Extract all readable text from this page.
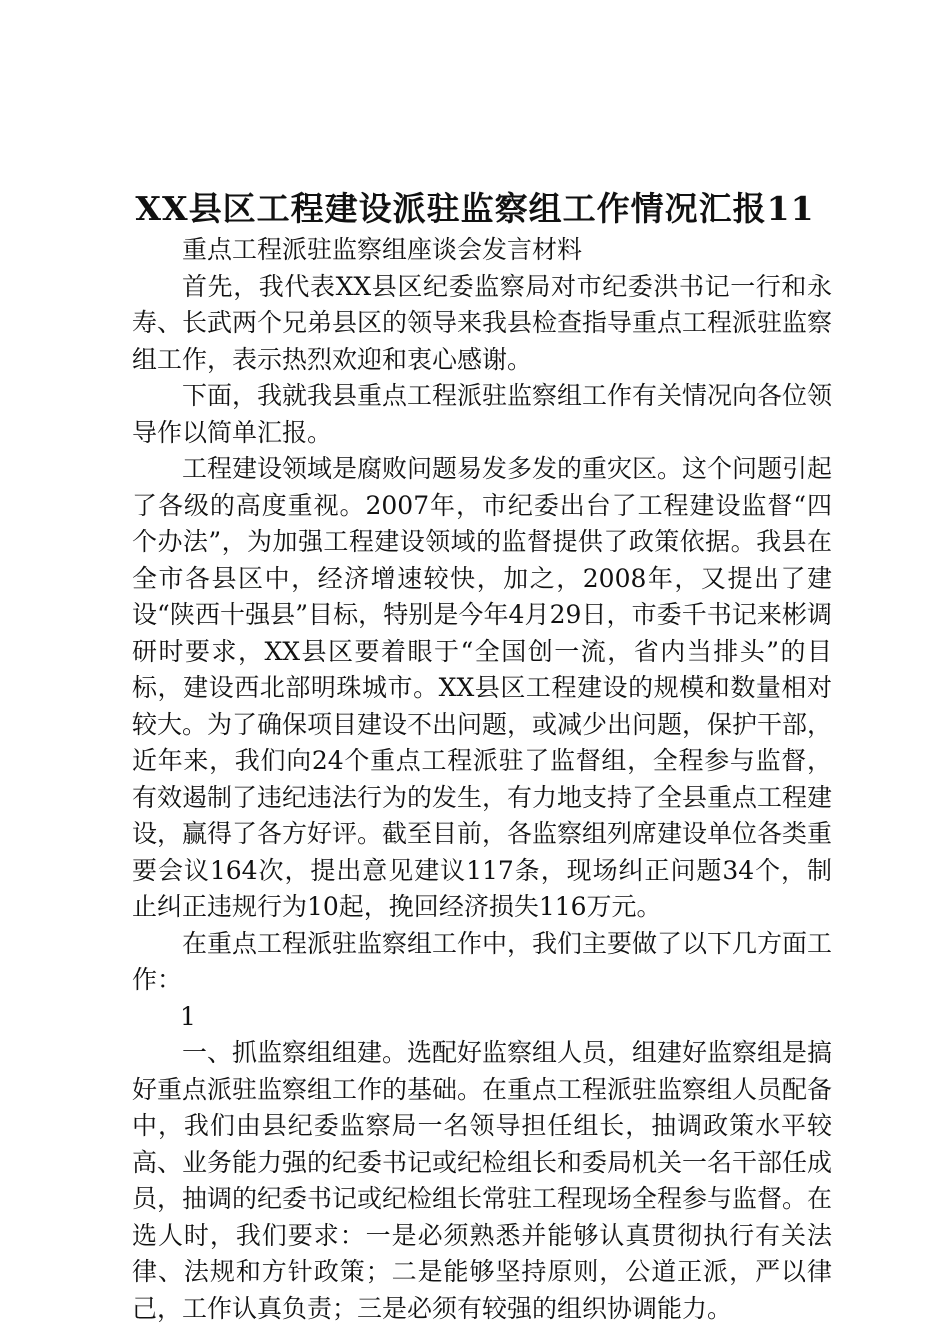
XX县区工程建设派驻监察组工作情况汇报11

重点工程派驻监察组座谈会发言材料

首先，我代表XX县区纪委监察局对市纪委洪书记一行和永寿、长武两个兄弟县区的领导来我县检查指导重点工程派驻监察组工作，表示热烈欢迎和衷心感谢。

下面，我就我县重点工程派驻监察组工作有关情况向各位领导作以简单汇报。

工程建设领域是腐败问题易发多发的重灾区。这个问题引起了各级的高度重视。2007年，市纪委出台了工程建设监督“四个办法”，为加强工程建设领域的监督提供了政策依据。我县在全市各县区中，经济增速较快，加之，2008年，又提出了建设“陕西十强县”目标，特别是今年4月29日，市委千书记来彬调研时要求，XX县区要着眼于“全国创一流，省内当排头”的目标，建设西北部明珠城市。XX县区工程建设的规模和数量相对较大。为了确保项目建设不出问题，或减少出问题，保护干部，近年来，我们向24个重点工程派驻了监督组，全程参与监督，有效遏制了违纪违法行为的发生，有力地支持了全县重点工程建设，赢得了各方好评。截至目前，各监察组列席建设单位各类重要会议164次，提出意见建议117条，现场纠正问题34个，制止纠正违规行为10起，挽回经济损失116万元。

在重点工程派驻监察组工作中，我们主要做了以下几方面工作：

1

一、抓监察组组建。选配好监察组人员，组建好监察组是搞好重点派驻监察组工作的基础。在重点工程派驻监察组人员配备中，我们由县纪委监察局一名领导担任组长，抽调政策水平较高、业务能力强的纪委书记或纪检组长和委局机关一名干部任成员，抽调的纪委书记或纪检组长常驻工程现场全程参与监督。在选人时，我们要求：一是必须熟悉并能够认真贯彻执行有关法律、法规和方针政策；二是能够坚持原则，公道正派，严以律己，工作认真负责；三是必须有较强的组织协调能力。
